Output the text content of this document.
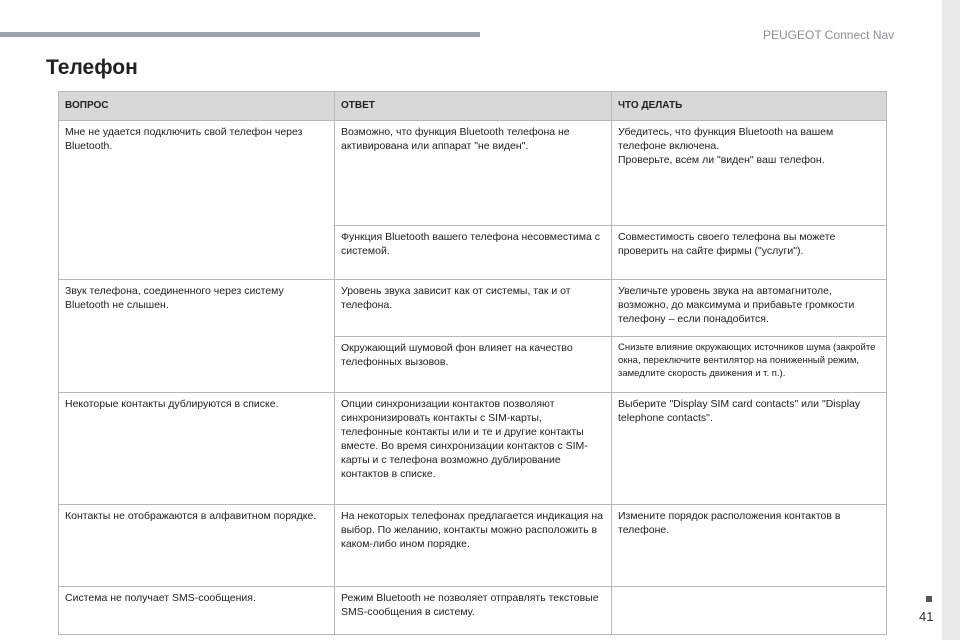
PEUGEOT Connect Nav
Телефон
ВОПРОС	ОТВЕТ	ЧТО ДЕЛАТЬ
Мне не удается подключить свой телефон через Bluetooth.	Возможно, что функция Bluetooth телефона не активирована или аппарат "не виден".	Убедитесь, что функция Bluetooth на вашем телефоне включена.
Проверьте, всем ли "виден" ваш телефон.
	Функция Bluetooth вашего телефона несовместима с системой.	Совместимость своего телефона вы можете проверить на сайте фирмы ("услуги").
Звук телефона, соединенного через систему Bluetooth не слышен.	Уровень звука зависит как от системы, так и от телефона.	Увеличьте уровень звука на автомагнитоле, возможно, до максимума и прибавьте громкости телефону – если понадобится.
	Окружающий шумовой фон влияет на качество телефонных вызовов.	Снизьте влияние окружающих источников шума (закройте окна, переключите вентилятор на пониженный режим, замедлите скорость движения и т. п.).
Некоторые контакты дублируются в списке.	Опции синхронизации контактов позволяют синхронизировать контакты с SIM-карты, телефонные контакты или и те и другие контакты вместе. Во время синхронизации контактов с SIM-карты и с телефона возможно дублирование контактов в списке.	Выберите "Display SIM card contacts" или "Display telephone contacts".
Контакты не отображаются в алфавитном порядке.	На некоторых телефонах предлагается индикация на выбор. По желанию, контакты можно расположить в каком-либо ином порядке.	Измените порядок расположения контактов в телефоне.
Система не получает SMS-сообщения.	Режим Bluetooth не позволяет отправлять текстовые SMS-сообщения в систему.		41
